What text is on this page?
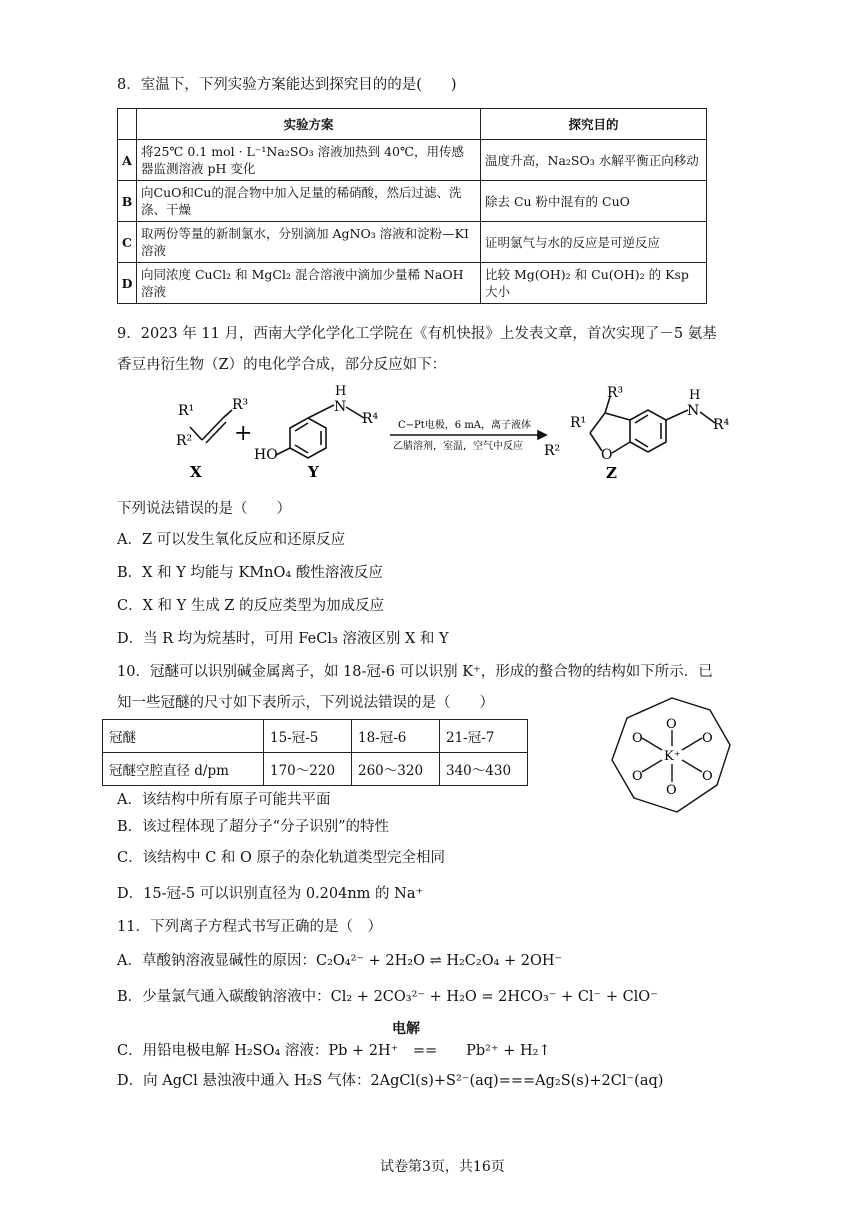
8．室温下，下列实验方案能达到探究目的的是(　　)
	实验方案	探究目的
A	将25℃ 0.1 mol · L⁻¹Na₂SO₃ 溶液加热到 40℃，用传感器监测溶液 pH 变化	温度升高，Na₂SO₃ 水解平衡正向移动
B	向CuO和Cu的混合物中加入足量的稀硝酸，然后过滤、洗涤、干燥	除去 Cu 粉中混有的 CuO
C	取两份等量的新制氯水，分别滴加 AgNO₃ 溶液和淀粉—KI 溶液	证明氯气与水的反应是可逆反应
D	向同浓度 CuCl₂ 和 MgCl₂ 混合溶液中滴加少量稀 NaOH 溶液	比较 Mg(OH)₂ 和 Cu(OH)₂ 的 Ksp 大小
9．2023 年 11 月，西南大学化学化工学院在《有机快报》上发表文章，首次实现了－5 氨基
香豆冉衍生物（Z）的电化学合成，部分反应如下：
R¹
R²
R³
X
+
HO
H
N
R⁴
Y
C−Pt电极，6 mA，离子液体
乙腈溶剂，室温，空气中反应
R³
R¹
R²	O
H
N
R⁴
Z
下列说法错误的是（　　）
A．Z 可以发生氧化反应和还原反应
B．X 和 Y 均能与 KMnO₄ 酸性溶液反应
C．X 和 Y 生成 Z 的反应类型为加成反应
D．当 R 均为烷基时，可用 FeCl₃ 溶液区别 X 和 Y
10．冠醚可以识别碱金属离子，如 18-冠-6 可以识别 K⁺，形成的螯合物的结构如下所示．已
知一些冠醚的尺寸如下表所示，下列说法错误的是（　　）
冠醚	15-冠-5	18-冠-6	21-冠-7
冠醚空腔直径 d/pm	170～220	260～320	340～430
O
O	O
O	O
O
K⁺
A．该结构中所有原子可能共平面
B．该过程体现了超分子“分子识别”的特性
C．该结构中 C 和 O 原子的杂化轨道类型完全相同
D．15-冠-5 可以识别直径为 0.204nm 的 Na⁺
11．下列离子方程式书写正确的是（　）
A．草酸钠溶液显碱性的原因：C₂O₄²⁻ + 2H₂O ⇌ H₂C₂O₄ + 2OH⁻
B．少量氯气通入碳酸钠溶液中：Cl₂ + 2CO₃²⁻ + H₂O = 2HCO₃⁻ + Cl⁻ + ClO⁻
电解
C．用铅电极电解 H₂SO₄ 溶液：Pb + 2H⁺　==　　Pb²⁺ + H₂↑
D．向 AgCl 悬浊液中通入 H₂S 气体：2AgCl(s)+S²⁻(aq)===Ag₂S(s)+2Cl⁻(aq)
试卷第3页，共16页
